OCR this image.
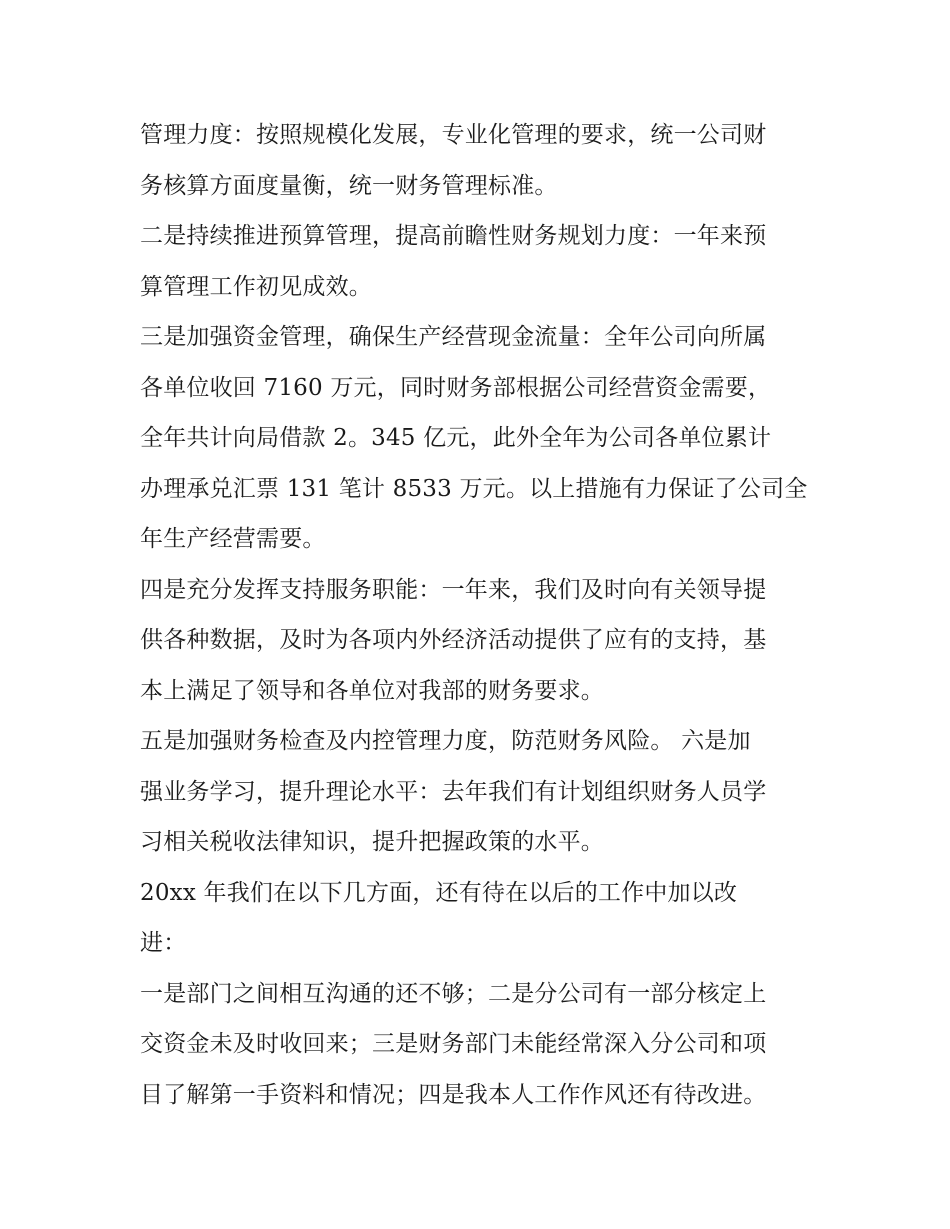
管理力度：按照规模化发展，专业化管理的要求，统一公司财
务核算方面度量衡，统一财务管理标准。
二是持续推进预算管理，提高前瞻性财务规划力度：一年来预
算管理工作初见成效。
三是加强资金管理，确保生产经营现金流量：全年公司向所属
各单位收回 7160 万元，同时财务部根据公司经营资金需要，
全年共计向局借款 2。345 亿元，此外全年为公司各单位累计
办理承兑汇票 131 笔计 8533 万元。以上措施有力保证了公司全
年生产经营需要。
四是充分发挥支持服务职能：一年来，我们及时向有关领导提
供各种数据，及时为各项内外经济活动提供了应有的支持，基
本上满足了领导和各单位对我部的财务要求。
五是加强财务检查及内控管理力度，防范财务风险。 六是加
强业务学习，提升理论水平：去年我们有计划组织财务人员学
习相关税收法律知识，提升把握政策的水平。
20xx 年我们在以下几方面，还有待在以后的工作中加以改
进：
一是部门之间相互沟通的还不够；二是分公司有一部分核定上
交资金未及时收回来；三是财务部门未能经常深入分公司和项
目了解第一手资料和情况；四是我本人工作作风还有待改进。
